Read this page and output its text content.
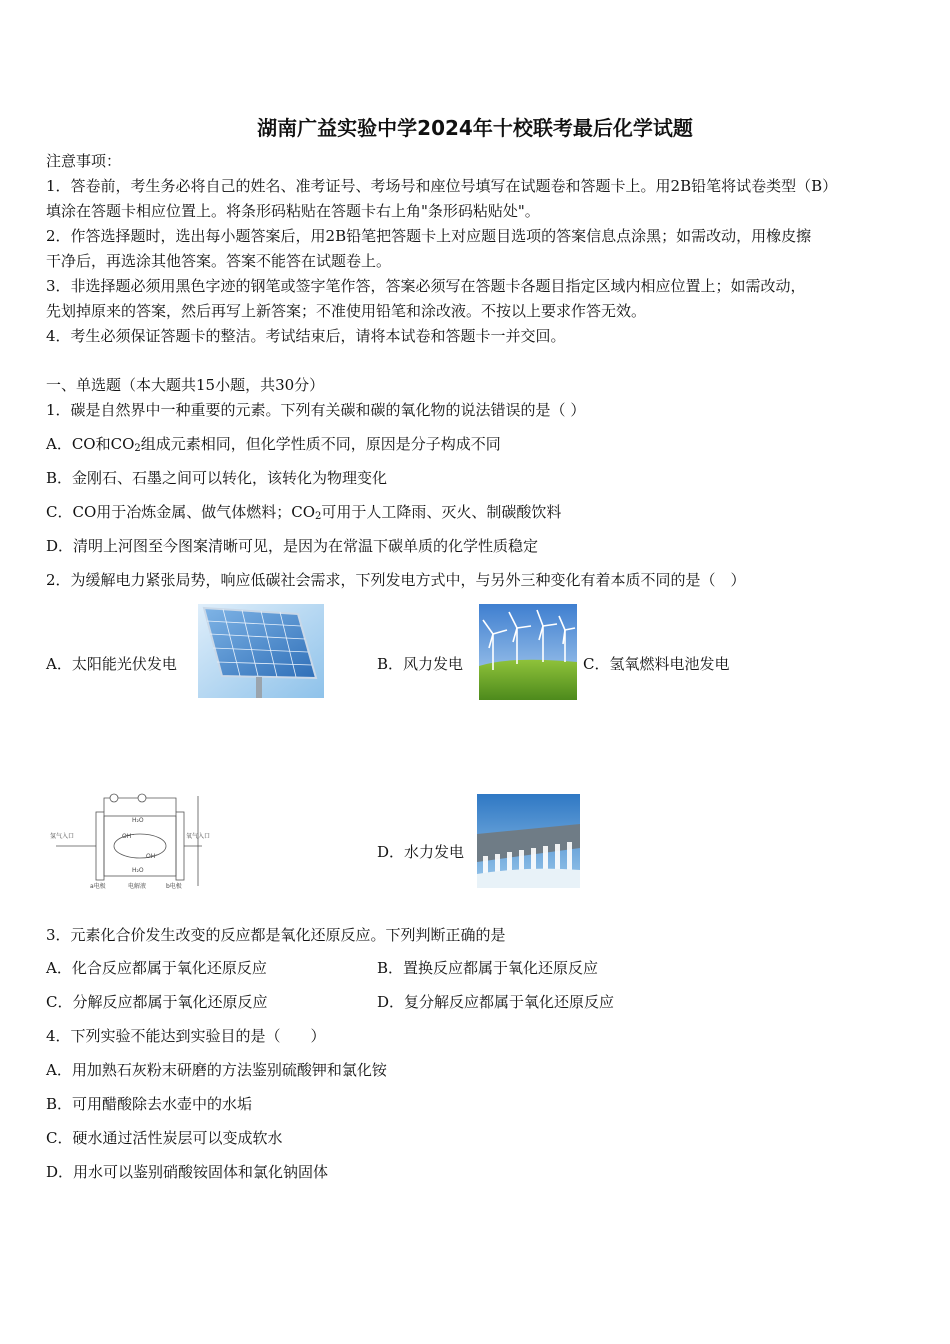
湖南广益实验中学2024年十校联考最后化学试题
注意事项：
1．答卷前，考生务必将自己的姓名、准考证号、考场号和座位号填写在试题卷和答题卡上。用2B铅笔将试卷类型（B）
填涂在答题卡相应位置上。将条形码粘贴在答题卡右上角"条形码粘贴处"。
2．作答选择题时，选出每小题答案后，用2B铅笔把答题卡上对应题目选项的答案信息点涂黑；如需改动，用橡皮擦
干净后，再选涂其他答案。答案不能答在试题卷上。
3．非选择题必须用黑色字迹的钢笔或签字笔作答，答案必须写在答题卡各题目指定区域内相应位置上；如需改动，
先划掉原来的答案，然后再写上新答案；不准使用铅笔和涂改液。不按以上要求作答无效。
4．考生必须保证答题卡的整洁。考试结束后，请将本试卷和答题卡一并交回。
一、单选题（本大题共15小题，共30分）
1．碳是自然界中一种重要的元素。下列有关碳和碳的氧化物的说法错误的是（ ）
A．CO和$CO_2$组成元素相同，但化学性质不同，原因是分子构成不同
B．金刚石、石墨之间可以转化，该转化为物理变化
C．CO用于冶炼金属、做气体燃料；$CO_2$可用于人工降雨、灭火、制碳酸饮料
D．清明上河图至今图案清晰可见，是因为在常温下碳单质的化学性质稳定
2．为缓解电力紧张局势，响应低碳社会需求，下列发电方式中，与另外三种变化有着本质不同的是（　）
A．太阳能光伏发电	B．风力发电	C．氢氧燃料电池发电
氢气入口	氧气入口
a电极	电解液	b电极
H₂O
OH⁻
OH⁻
H₂O
D．水力发电
3．元素化合价发生改变的反应都是氧化还原反应。下列判断正确的是
A．化合反应都属于氧化还原反应	B．置换反应都属于氧化还原反应
C．分解反应都属于氧化还原反应	D．复分解反应都属于氧化还原反应
4．下列实验不能达到实验目的是（　　）
A．用加熟石灰粉末研磨的方法鉴别硫酸钾和氯化铵
B．可用醋酸除去水壶中的水垢
C．硬水通过活性炭层可以变成软水
D．用水可以鉴别硝酸铵固体和氯化钠固体
